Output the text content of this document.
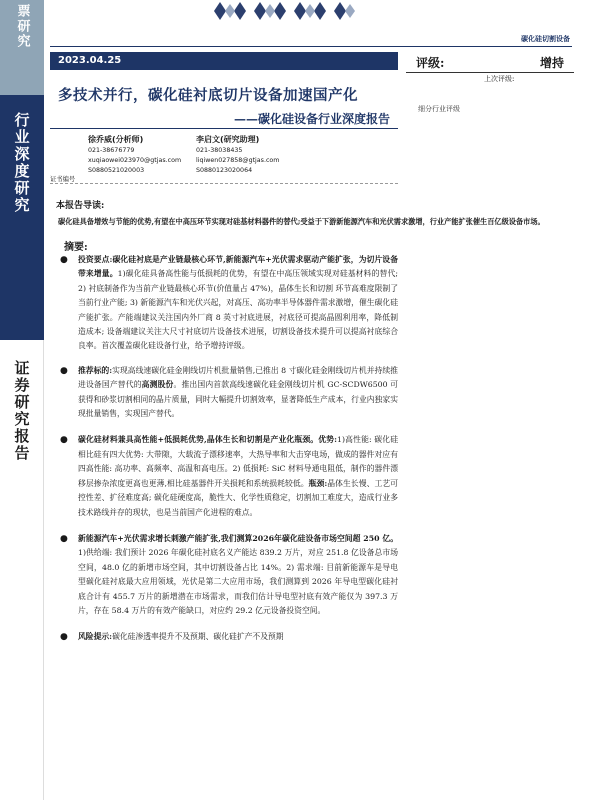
票研究
行业深度研究
证券研究报告
碳化硅切割设备
2023.04.25	评级:	增持
上次评级:
细分行业评级
多技术并行，碳化硅衬底切片设备加速国产化
——碳化硅设备行业深度报告
徐乔威(分析师)
021-38676779
xuqiaowei023970@gtjas.com
S0880521020003
李启文(研究助理)
021-38038435
liqiwen027858@gtjas.com
S0880123020064
证书编号
本报告导读:
碳化硅具备增效与节能的优势,有望在中高压环节实现对硅基材料器件的替代;受益于下游新能源汽车和光伏需求激增，行业产能扩张催生百亿级设备市场。
摘要:
● 投资要点:碳化硅衬底是产业链最核心环节,新能源汽车+光伏需求驱动产能扩张，为切片设备带来增量。1)碳化硅具备高性能与低损耗的优势，有望在中高压领域实现对硅基材料的替代; 2) 衬底制备作为当前产业链最核心环节(价值量占 47%)，晶体生长和切割 环节高难度限制了当前行业产能; 3) 新能源汽车和光伏兴起，对高压、高功率半导体器件需求激增，催生碳化硅产能扩张。产能端建议关注国内外厂商 8 英寸衬底进展，衬底径可提高晶圆利用率，降低制造成本; 设备端建议关注大尺寸衬底切片设备技术进展，切割设备技术提升可以提高衬底综合良率。首次覆盖碳化硅设备行业，给予增持评级。
● 推荐标的:实现高线速碳化硅金刚线切片机批量销售,已推出 8 寸碳化硅金刚线切片机并持续推进设备国产替代的高测股份。推出国内首款高线速碳化硅金刚线切片机 GC-SCDW6500 可获得和砂浆切割相同的晶片质量，同时大幅提升切割效率，显著降低生产成本，行业内独家实现批量销售，实现国产替代。
● 碳化硅材料兼具高性能+低损耗优势,晶体生长和切割是产业化瓶颈。优势:1)高性能: 碳化硅相比硅有四大优势: 大带隙，大载流子漂移速率，大热导率和大击穿电场，做成的器件对应有四高性能: 高功率、高频率、高温和高电压。2) 低损耗: SiC 材料导通电阻低，制作的器件漂移层掺杂浓度更高也更薄,相比硅基器件开关损耗和系统损耗较低。瓶颈:晶体生长慢、工艺可控性差、扩径难度高; 碳化硅硬度高，脆性大、化学性质稳定，切割加工难度大，造成行业多技术路线并存的现状，也是当前国产化进程的难点。
● 新能源汽车+光伏需求增长刺激产能扩张,我们测算2026年碳化硅设备市场空间超 250 亿。1)供给端: 我们预计 2026 年碳化硅衬底名义产能达 839.2 万片，对应 251.8 亿设备总市场空间，48.0 亿的新增市场空间，其中切割设备占比 14%。2) 需求端: 目前新能源车是导电型碳化硅衬底最大应用领域，光伏是第二大应用市场，我们测算到 2026 年导电型碳化硅衬底合计有 455.7 万片的新增潜在市场需求，而我们估计导电型衬底有效产能仅为 397.3 万片，存在 58.4 万片的有效产能缺口，对应约 29.2 亿元设备投资空间。
● 风险提示:碳化硅渗透率提升不及预期、碳化硅扩产不及预期
